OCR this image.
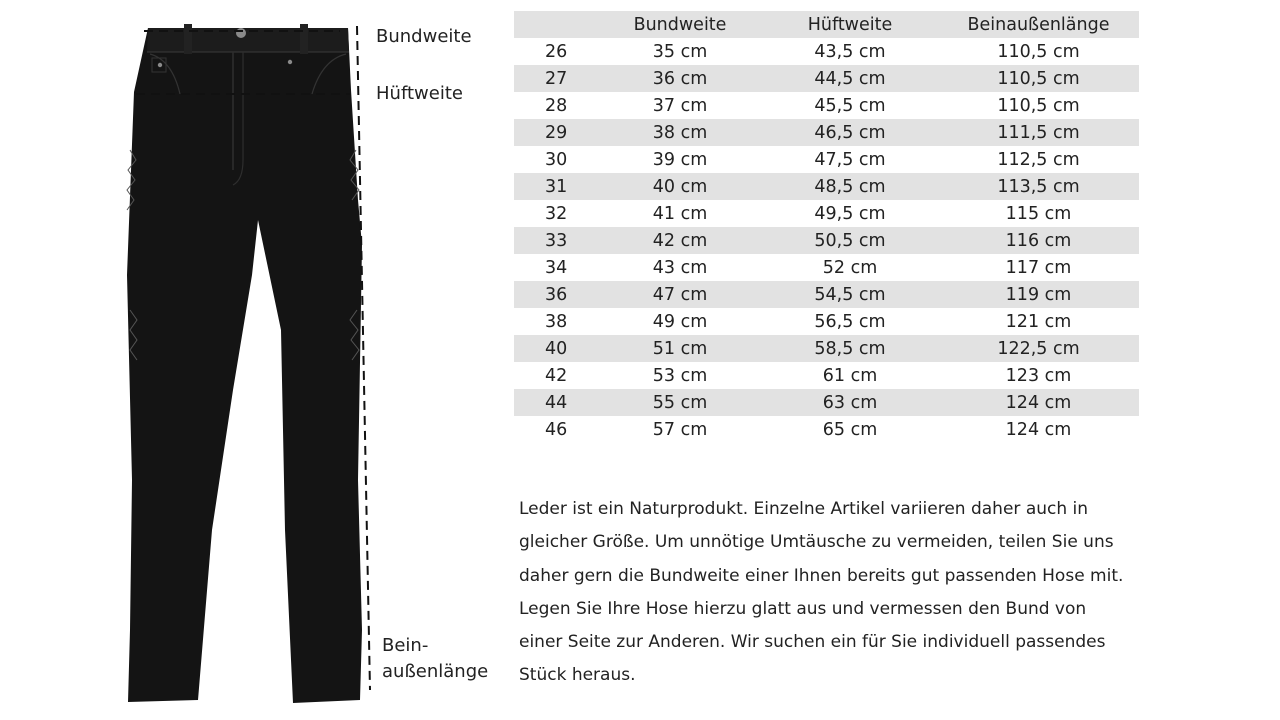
Bundweite
Hüftweite
Bein-
außenlänge
	Bundweite	Hüftweite	Beinaußenlänge
26	35 cm	43,5 cm	110,5 cm
27	36 cm	44,5 cm	110,5 cm
28	37 cm	45,5 cm	110,5 cm
29	38 cm	46,5 cm	111,5 cm
30	39 cm	47,5 cm	112,5 cm
31	40 cm	48,5 cm	113,5 cm
32	41 cm	49,5 cm	115 cm
33	42 cm	50,5 cm	116 cm
34	43 cm	52 cm	117 cm
36	47 cm	54,5 cm	119 cm
38	49 cm	56,5 cm	121 cm
40	51 cm	58,5 cm	122,5 cm
42	53 cm	61 cm	123 cm
44	55 cm	63 cm	124 cm
46	57 cm	65 cm	124 cm

Leder ist ein Naturprodukt. Einzelne Artikel variieren daher auch in

gleicher Größe. Um unnötige Umtäusche zu vermeiden, teilen Sie uns

daher gern die Bundweite einer Ihnen bereits gut passenden Hose mit.

Legen Sie Ihre Hose hierzu glatt aus und vermessen den Bund von

einer Seite zur Anderen. Wir suchen ein für Sie individuell passendes

Stück heraus.
